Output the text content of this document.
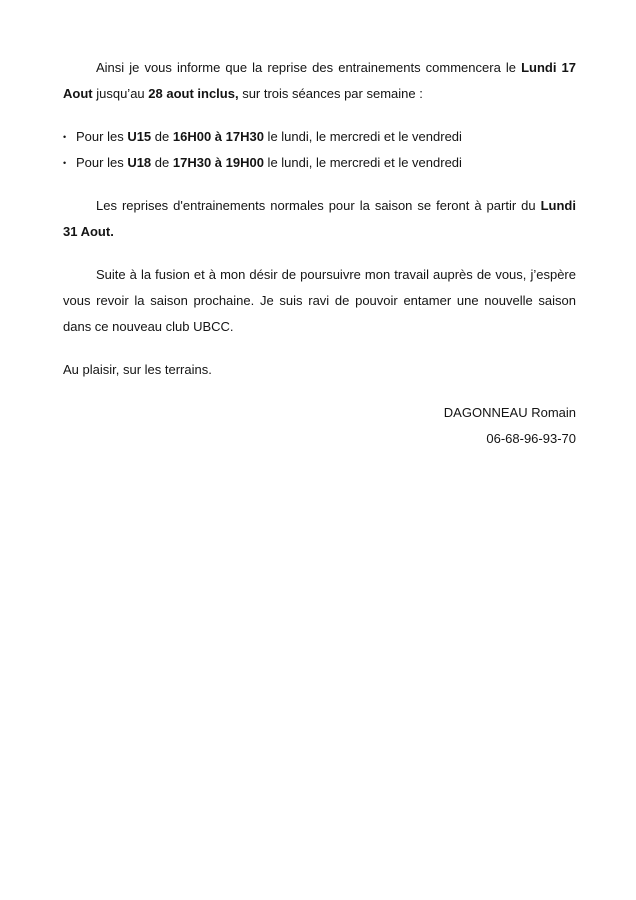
Ainsi je vous informe que la reprise des entrainements commencera le Lundi 17 Aout jusqu’au 28 aout inclus, sur trois séances par semaine :

• Pour les U15 de 16H00 à 17H30 le lundi, le mercredi et le vendredi
• Pour les U18 de 17H30 à 19H00 le lundi, le mercredi et le vendredi

Les reprises d'entrainements normales pour la saison se feront à partir du Lundi 31 Aout.

Suite à la fusion et à mon désir de poursuivre mon travail auprès de vous, j’espère vous revoir la saison prochaine. Je suis ravi de pouvoir entamer une nouvelle saison dans ce nouveau club UBCC.

Au plaisir, sur les terrains.

DAGONNEAU Romain

06-68-96-93-70
